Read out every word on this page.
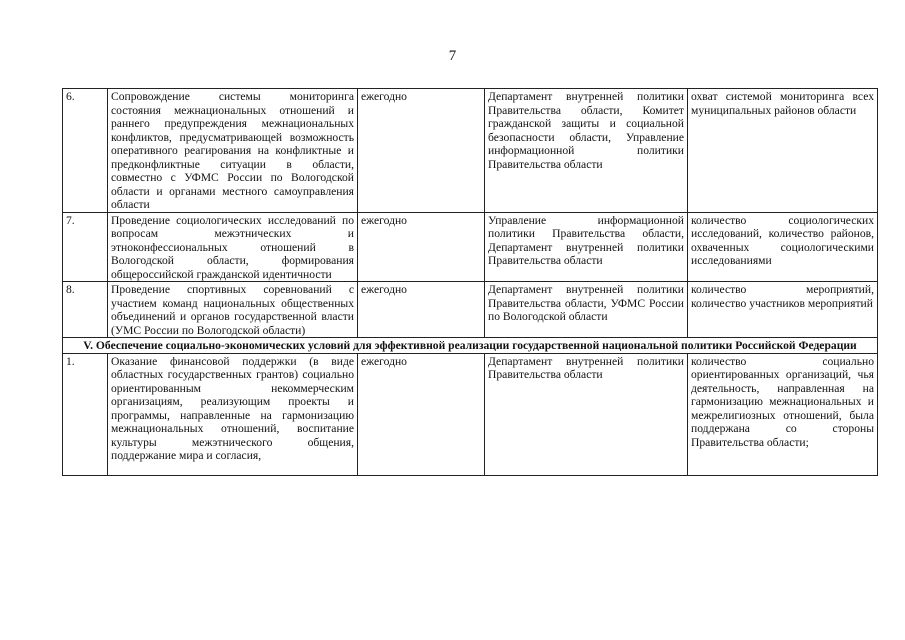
7
6.	Сопровождение системы мониторинга состояния межнациональных отношений и раннего предупреждения межнациональных конфликтов, предусматривающей возможность оперативного реагирования на конфликтные и предконфликтные ситуации в области, совместно с УФМС России по Вологодской области и органами местного самоуправления области	ежегодно	Департамент внутренней политики Правительства области, Комитет гражданской защиты и социальной безопасности области, Управление информационной политики Правительства области	охват системой мониторинга всех муниципальных районов области
7.	Проведение социологических исследований по вопросам межэтнических и этноконфессиональных отношений в Вологодской области, формирования общероссийской гражданской идентичности	ежегодно	Управление информационной политики Правительства области, Департамент внутренней политики Правительства области	количество социологических исследований, количество районов, охваченных социологическими исследованиями
8.	Проведение спортивных соревнований с участием команд национальных общественных объединений и органов государственной власти (УМС России по Вологодской области)	ежегодно	Департамент внутренней политики Правительства области, УФМС России по Вологодской области	количество мероприятий, количество участников мероприятий
V. Обеспечение социально-экономических условий для эффективной реализации государственной национальной политики Российской Федерации				
1.	Оказание финансовой поддержки (в виде областных государственных грантов) социально ориентированным некоммерческим организациям, реализующим проекты и программы, направленные на гармонизацию межнациональных отношений, воспитание культуры межэтнического общения, поддержание мира и согласия,	ежегодно	Департамент внутренней политики Правительства области	количество социально ориентированных организаций, чья деятельность, направленная на гармонизацию межнациональных и межрелигиозных отношений, была поддержана со стороны Правительства области;
